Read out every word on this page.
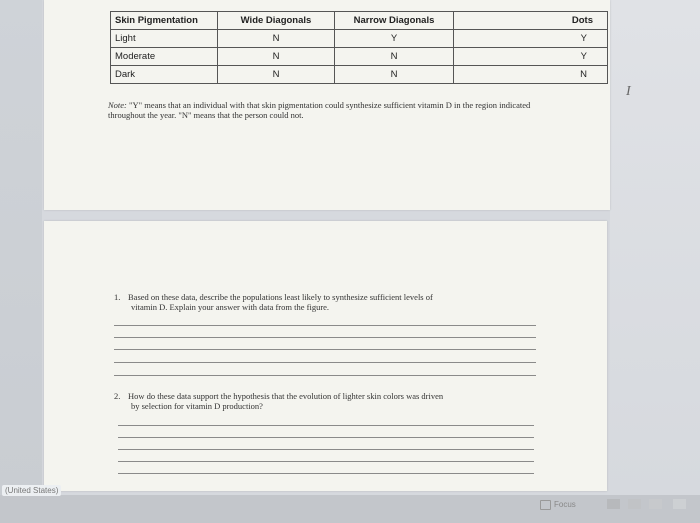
Skin Pigmentation	Wide Diagonals	Narrow Diagonals	Dots
Light	N	Y	Y
Moderate	N	N	Y
Dark	N	N	N
Note: "Y" means that an individual with that skin pigmentation could synthesize sufficient vitamin D in the region indicated throughout the year. "N" means that the person could not.
1. Based on these data, describe the populations least likely to synthesize sufficient levels of
vitamin D. Explain your answer with data from the figure.
2. How do these data support the hypothesis that the evolution of lighter skin colors was driven
by selection for vitamin D production?
I
(United States)
Focus
